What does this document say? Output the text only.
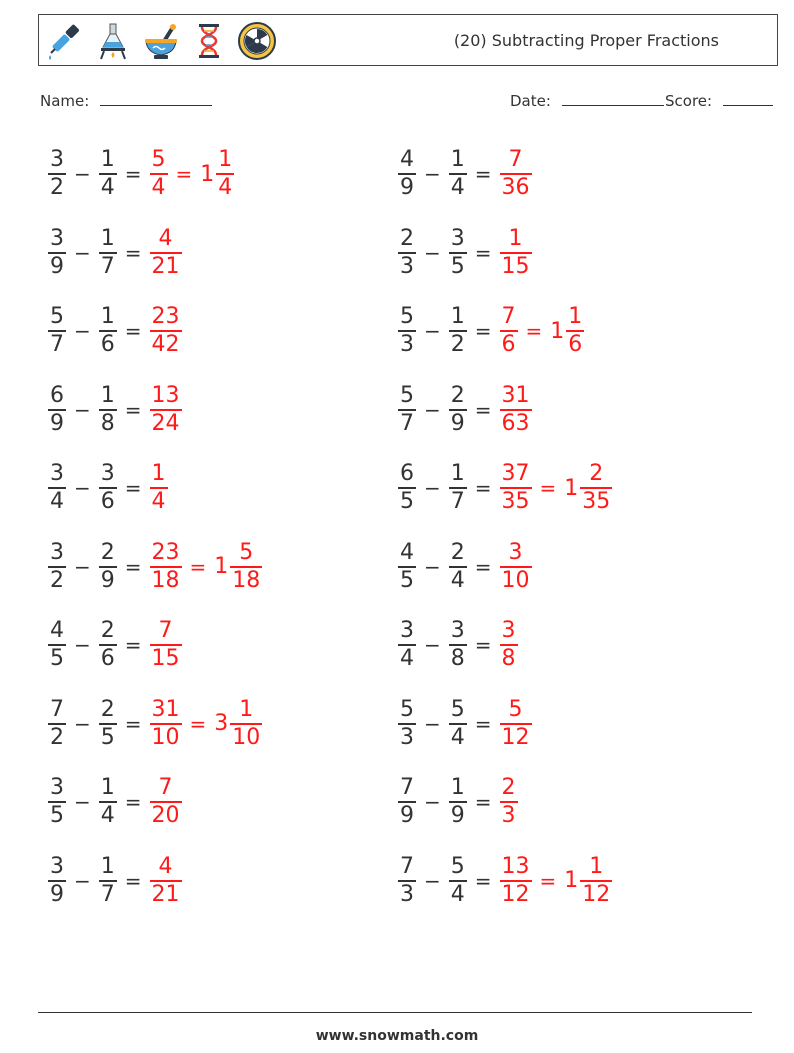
(20) Subtracting Proper Fractions
Name:	Date:	Score:
$\frac{3}{2} - \frac{1}{4} = \frac{5}{4} = 1 \frac{1}{4}$	$\frac{4}{9} - \frac{1}{4} = \frac{7}{36}$
$\frac{3}{9} - \frac{1}{7} = \frac{4}{21}$	$\frac{2}{3} - \frac{3}{5} = \frac{1}{15}$
$\frac{5}{7} - \frac{1}{6} = \frac{23}{42}$	$\frac{5}{3} - \frac{1}{2} = \frac{7}{6} = 1 \frac{1}{6}$
$\frac{6}{9} - \frac{1}{8} = \frac{13}{24}$	$\frac{5}{7} - \frac{2}{9} = \frac{31}{63}$
$\frac{3}{4} - \frac{3}{6} = \frac{1}{4}$	$\frac{6}{5} - \frac{1}{7} = \frac{37}{35} = 1 \frac{2}{35}$
$\frac{3}{2} - \frac{2}{9} = \frac{23}{18} = 1 \frac{5}{18}$	$\frac{4}{5} - \frac{2}{4} = \frac{3}{10}$
$\frac{4}{5} - \frac{2}{6} = \frac{7}{15}$	$\frac{3}{4} - \frac{3}{8} = \frac{3}{8}$
$\frac{7}{2} - \frac{2}{5} = \frac{31}{10} = 3 \frac{1}{10}$	$\frac{5}{3} - \frac{5}{4} = \frac{5}{12}$
$\frac{3}{5} - \frac{1}{4} = \frac{7}{20}$	$\frac{7}{9} - \frac{1}{9} = \frac{2}{3}$
$\frac{3}{9} - \frac{1}{7} = \frac{4}{21}$	$\frac{7}{3} - \frac{5}{4} = \frac{13}{12} = 1 \frac{1}{12}$
www.snowmath.com
